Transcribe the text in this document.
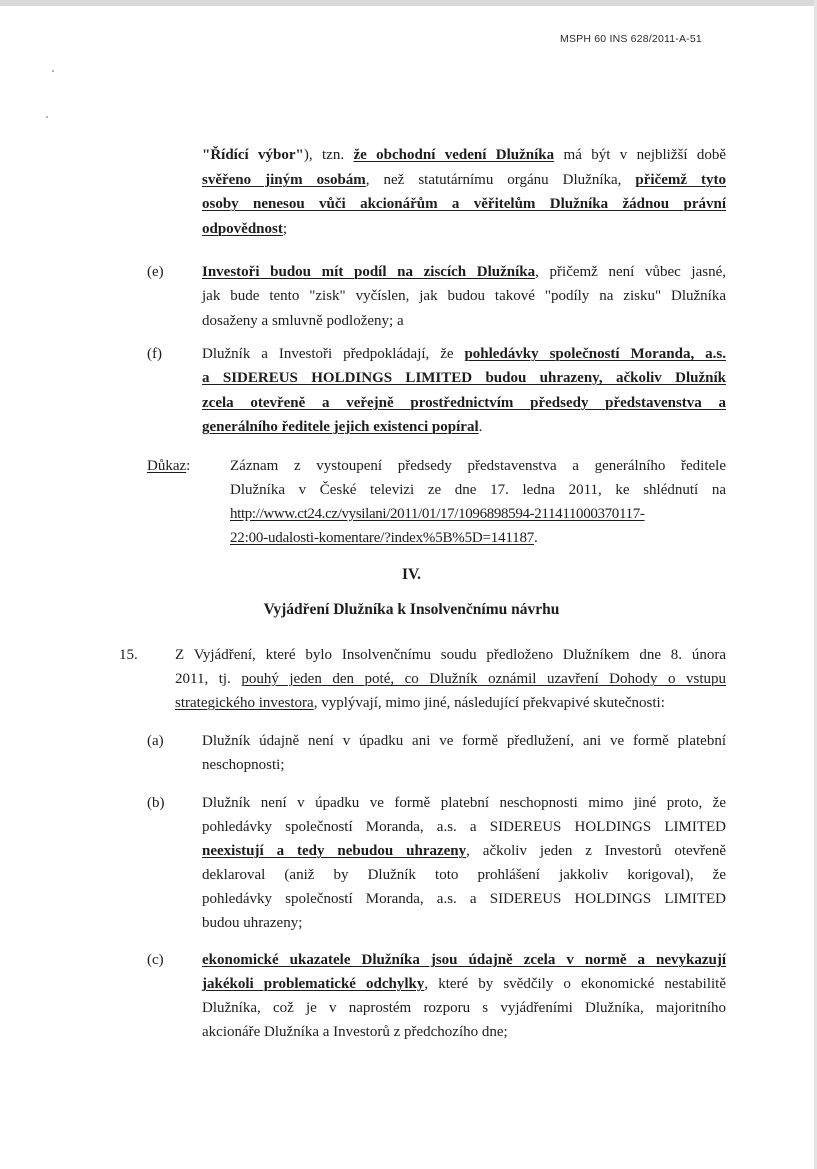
MSPH 60 INS 628/2011-A-51
"Řídící výbor"), tzn. že obchodní vedení Dlužníka má být v nejbližší době
svěřeno jiným osobám, než statutárnímu orgánu Dlužníka, přičemž tyto
osoby nenesou vůči akcionářům a věřitelům Dlužníka žádnou právní
odpovědnost;
(e)	Investoři budou mít podíl na ziscích Dlužníka, přičemž není vůbec jasné,
jak bude tento "zisk" vyčíslen, jak budou takové "podíly na zisku" Dlužníka
dosaženy a smluvně podloženy; a
(f)	Dlužník a Investoři předpokládají, že pohledávky společností Moranda, a.s.
a SIDEREUS HOLDINGS LIMITED budou uhrazeny, ačkoliv Dlužník
zcela otevřeně a veřejně prostřednictvím předsedy představenstva a
generálního ředitele jejich existenci popíral.
Důkaz:	Záznam z vystoupení předsedy představenstva a generálního ředitele
Dlužníka v České televizi ze dne 17. ledna 2011, ke shlédnutí na
http://www.ct24.cz/vysilani/2011/01/17/1096898594-211411000370117-
22:00-udalosti-komentare/?index%5B%5D=141187.
IV.
Vyjádření Dlužníka k Insolvenčnímu návrhu
15. Z Vyjádření, které bylo Insolvenčnímu soudu předloženo Dlužníkem dne 8. února
2011, tj. pouhý jeden den poté, co Dlužník oznámil uzavření Dohody o vstupu
strategického investora, vyplývají, mimo jiné, následující překvapivé skutečnosti:
(a)	Dlužník údajně není v úpadku ani ve formě předlužení, ani ve formě platební
neschopnosti;
(b)	Dlužník není v úpadku ve formě platební neschopnosti mimo jiné proto, že
pohledávky společností Moranda, a.s. a SIDEREUS HOLDINGS LIMITED
neexistují a tedy nebudou uhrazeny, ačkoliv jeden z Investorů otevřeně
deklaroval (aniž by Dlužník toto prohlášení jakkoliv korigoval), že
pohledávky společností Moranda, a.s. a SIDEREUS HOLDINGS LIMITED
budou uhrazeny;
(c)	ekonomické ukazatele Dlužníka jsou údajně zcela v normě a nevykazují
jakékoli problematické odchylky, které by svědčily o ekonomické nestabilitě
Dlužníka, což je v naprostém rozporu s vyjádřeními Dlužníka, majoritního
akcionáře Dlužníka a Investorů z předchozího dne;
